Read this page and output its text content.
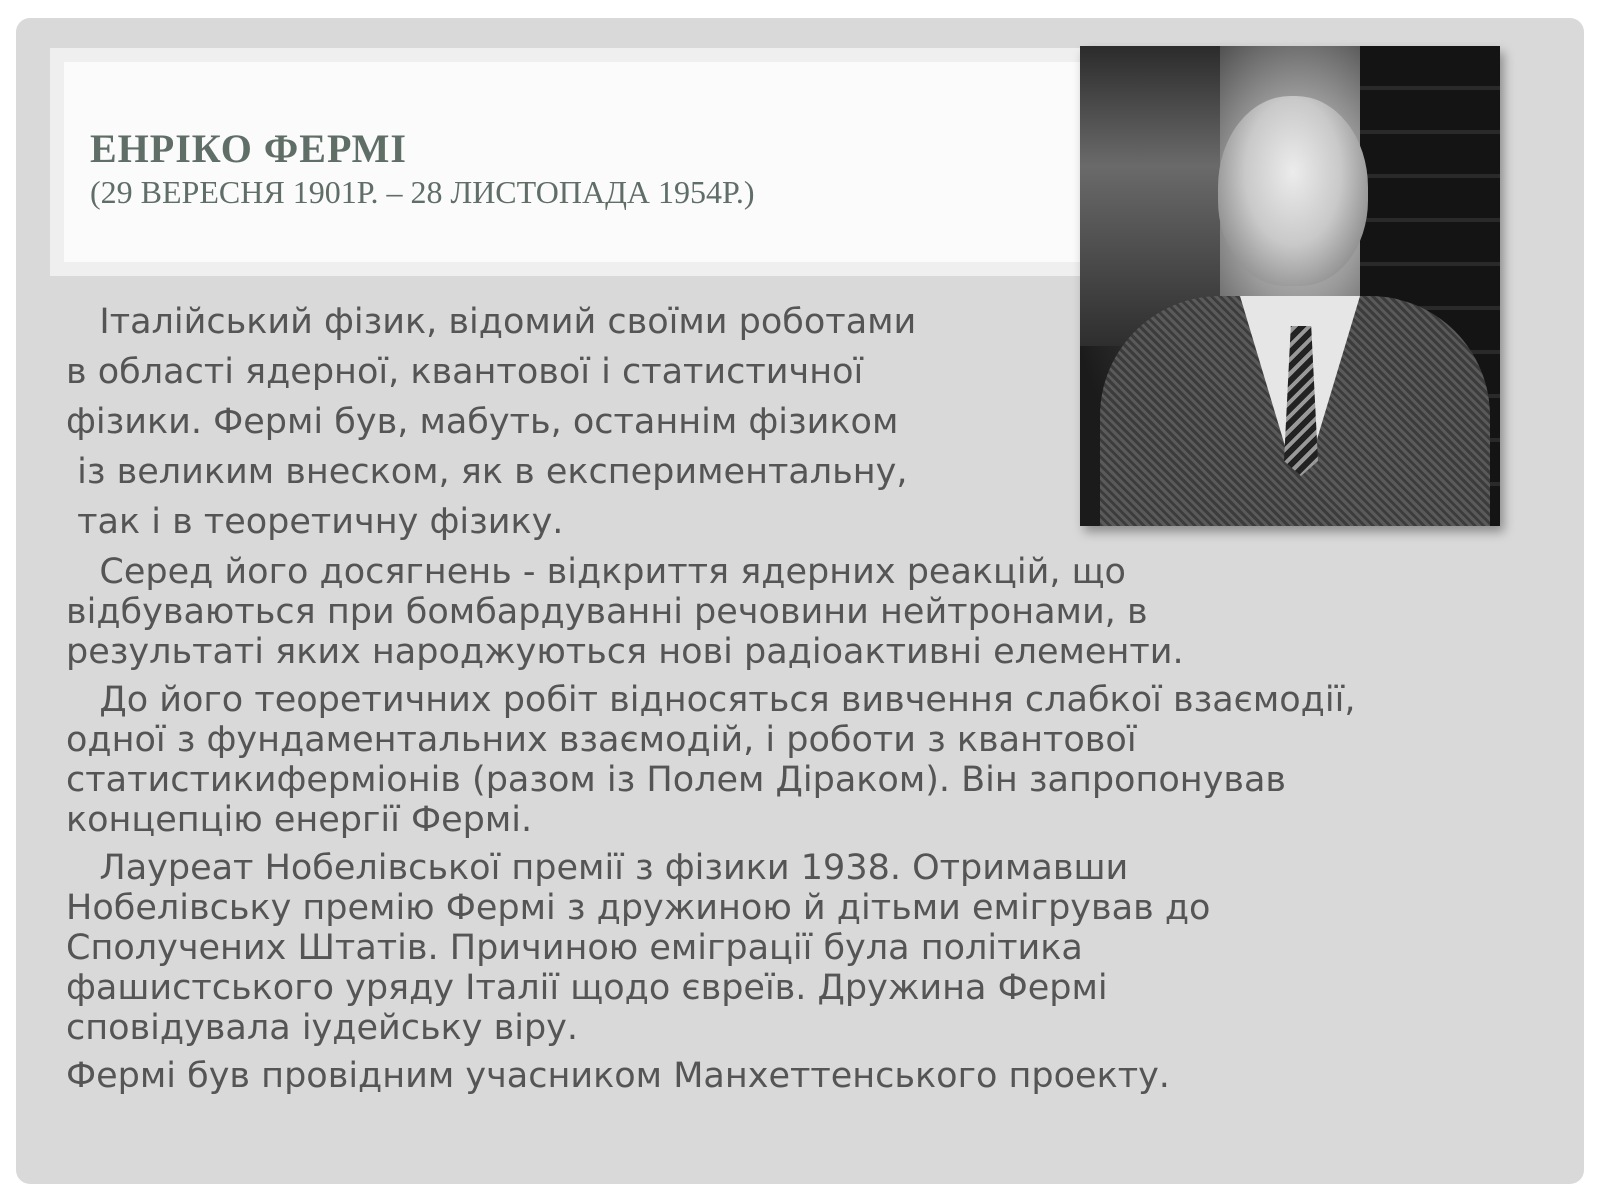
ЕНРІКО ФЕРМІ
(29 ВЕРЕСНЯ 1901Р. – 28 ЛИСТОПАДА 1954Р.)
Італійський фізик, відомий своїми роботами
в області ядерної, квантової і статистичної
фізики. Фермі був, мабуть, останнім фізиком
із великим внеском, як в експериментальну,
так і в теоретичну фізику.

Серед його досягнень - відкриття ядерних реакцій, що
відбуваються при бомбардуванні речовини нейтронами, в
результаті яких народжуються нові радіоактивні елементи.

До його теоретичних робіт відносяться вивчення слабкої взаємодії,
одної з фундаментальних взаємодій, і роботи з квантової
статистикиферміонів (разом із Полем Діраком). Він запропонував
концепцію енергії Фермі.

Лауреат Нобелівської премії з фізики 1938. Отримавши
Нобелівську премію Фермі з дружиною й дітьми емігрував до
Сполучених Штатів. Причиною еміграції була політика
фашистського уряду Італії щодо євреїв. Дружина Фермі
сповідувала іудейську віру.

Фермі був провідним учасником Манхеттенського проекту.
